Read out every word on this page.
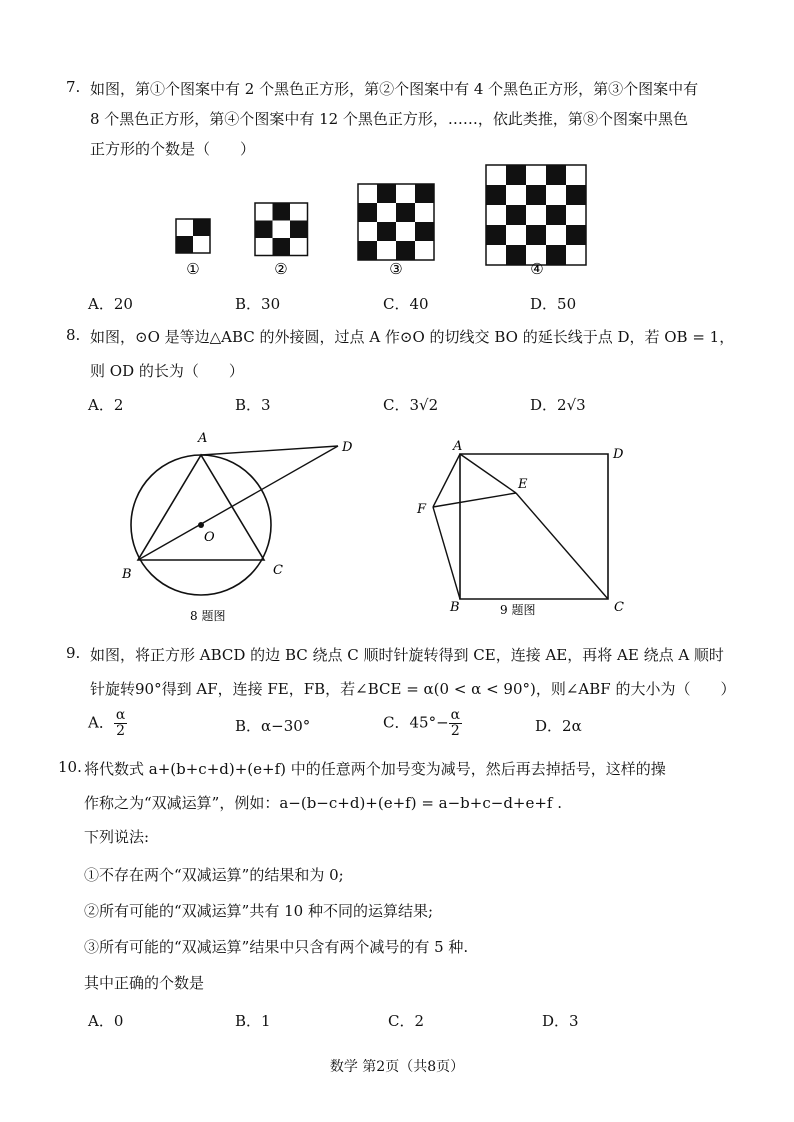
7. 如图，第①个图案中有 2 个黑色正方形，第②个图案中有 4 个黑色正方形，第③个图案中有
8 个黑色正方形，第④个图案中有 12 个黑色正方形，……，依此类推，第⑧个图案中黑色
正方形的个数是（　　）
①	②	③	④
A．20	B．30	C．40	D．50
8. 如图，⊙O 是等边△ABC 的外接圆，过点 A 作⊙O 的切线交 BO 的延长线于点 D，若 OB = 1，
则 OD 的长为（　　）
A．2	B．3	C．3√2	D．2√3
A
D
O
B	C
8 题图
A
D
E
F
B	C
9 题图
9. 如图，将正方形 ABCD 的边 BC 绕点 C 顺时针旋转得到 CE，连接 AE，再将 AE 绕点 A 顺时
针旋转90°得到 AF，连接 FE，FB，若∠BCE = α(0 < α < 90°)，则∠ABF 的大小为（　　）
A． $\frac{\alpha}{2}$	B．α−30°	C．$45^\circ- \frac{\alpha}{2}$	D．2α
10. 将代数式 a+(b+c+d)+(e+f) 中的任意两个加号变为减号，然后再去掉括号，这样的操
作称之为“双减运算”，例如：a−(b−c+d)+(e+f) = a−b+c−d+e+f .
下列说法:
①不存在两个“双减运算”的结果和为 0;
②所有可能的“双减运算”共有 10 种不同的运算结果;
③所有可能的“双减运算”结果中只含有两个减号的有 5 种.
其中正确的个数是
A．0	B．1	C．2	D．3
数学 第2页（共8页）
